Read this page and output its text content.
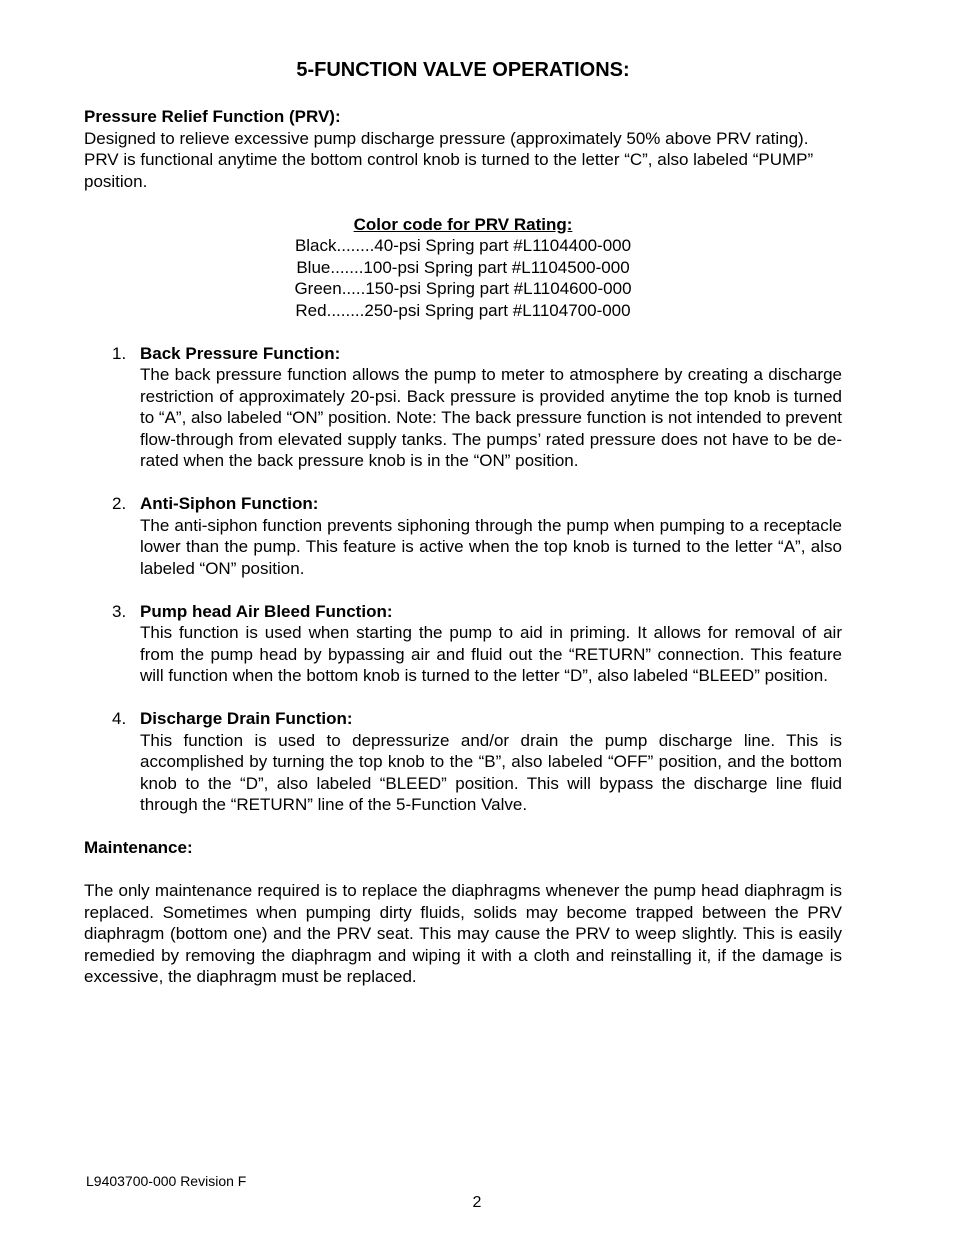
5-FUNCTION VALVE OPERATIONS:

Pressure Relief Function (PRV):

Designed to relieve excessive pump discharge pressure (approximately 50% above PRV rating). PRV is functional anytime the bottom control knob is turned to the letter “C”, also labeled “PUMP” position.

Color code for PRV Rating:
Black........40-psi Spring part #L1104400-000
Blue.......100-psi Spring part #L1104500-000
Green.....150-psi Spring part #L1104600-000
Red........250-psi Spring part #L1104700-000
1. Back Pressure Function:
The back pressure function allows the pump to meter to atmosphere by creating a discharge restriction of approximately 20-psi. Back pressure is provided anytime the top knob is turned to “A”, also labeled “ON” position. Note: The back pressure function is not intended to prevent flow-through from elevated supply tanks. The pumps’ rated pressure does not have to be de-rated when the back pressure knob is in the “ON” position.
2. Anti-Siphon Function:
The anti-siphon function prevents siphoning through the pump when pumping to a receptacle lower than the pump. This feature is active when the top knob is turned to the letter “A”, also labeled “ON” position.
3. Pump head Air Bleed Function:
This function is used when starting the pump to aid in priming. It allows for removal of air from the pump head by bypassing air and fluid out the “RETURN” connection. This feature will function when the bottom knob is turned to the letter “D”, also labeled “BLEED” position.
4. Discharge Drain Function:
This function is used to depressurize and/or drain the pump discharge line. This is accomplished by turning the top knob to the “B”, also labeled “OFF” position, and the bottom knob to the “D”, also labeled “BLEED” position. This will bypass the discharge line fluid through the “RETURN” line of the 5-Function Valve.

Maintenance:

The only maintenance required is to replace the diaphragms whenever the pump head diaphragm is replaced. Sometimes when pumping dirty fluids, solids may become trapped between the PRV diaphragm (bottom one) and the PRV seat. This may cause the PRV to weep slightly. This is easily remedied by removing the diaphragm and wiping it with a cloth and reinstalling it, if the damage is excessive, the diaphragm must be replaced.

L9403700-000 Revision F
2
